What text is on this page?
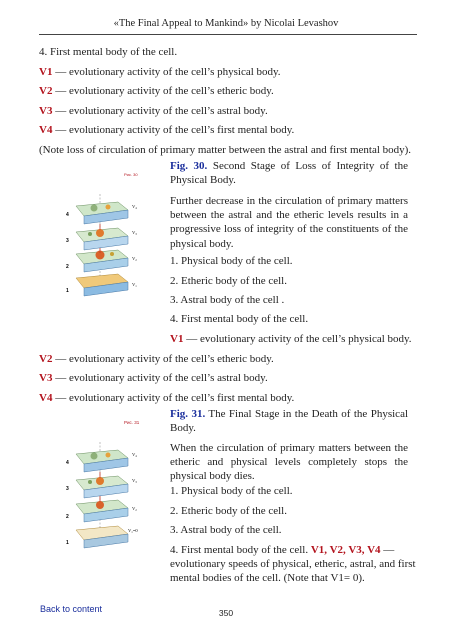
«The Final Appeal to Mankind» by Nicolai Levashov
4. First mental body of the cell.
V1 — evolutionary activity of the cell’s physical body.
V2 — evolutionary activity of the cell’s etheric body.
V3 — evolutionary activity of the cell’s astral body.
V4 — evolutionary activity of the cell’s first mental body.
(Note loss of circulation of primary matter between the astral and first mental body).
Рис. 30
4
3
2
1
V₄
V₃
V₂
V₁
Fig. 30. Second Stage of Loss of Integrity of the Physical Body.
Further decrease in the circulation of primary matters between the astral and the etheric levels results in a progressive loss of integrity of the constituents of the physical body.
1. Physical body of the cell.
2. Etheric body of the cell.
3. Astral body of the cell .
4. First mental body of the cell.
V1 — evolutionary activity of the cell’s physical body.
V2 — evolutionary activity of the cell’s etheric body.
V3 — evolutionary activity of the cell’s astral body.
V4 — evolutionary activity of the cell’s first mental body.
Рис. 31
4
3
2
1
V₄
V₃
V₂
V₁=0
Fig. 31. The Final Stage in the Death of the Physical Body.
When the circulation of primary matters between the etheric and physical levels completely stops the physical body dies.
1. Physical body of the cell.
2. Etheric body of the cell.
3. Astral body of the cell.
4. First mental body of the cell. V1, V2, V3, V4 —
evolutionary speeds of physical, etheric, astral, and first
mental bodies of the cell. (Note that V1= 0).
Back to content	350
